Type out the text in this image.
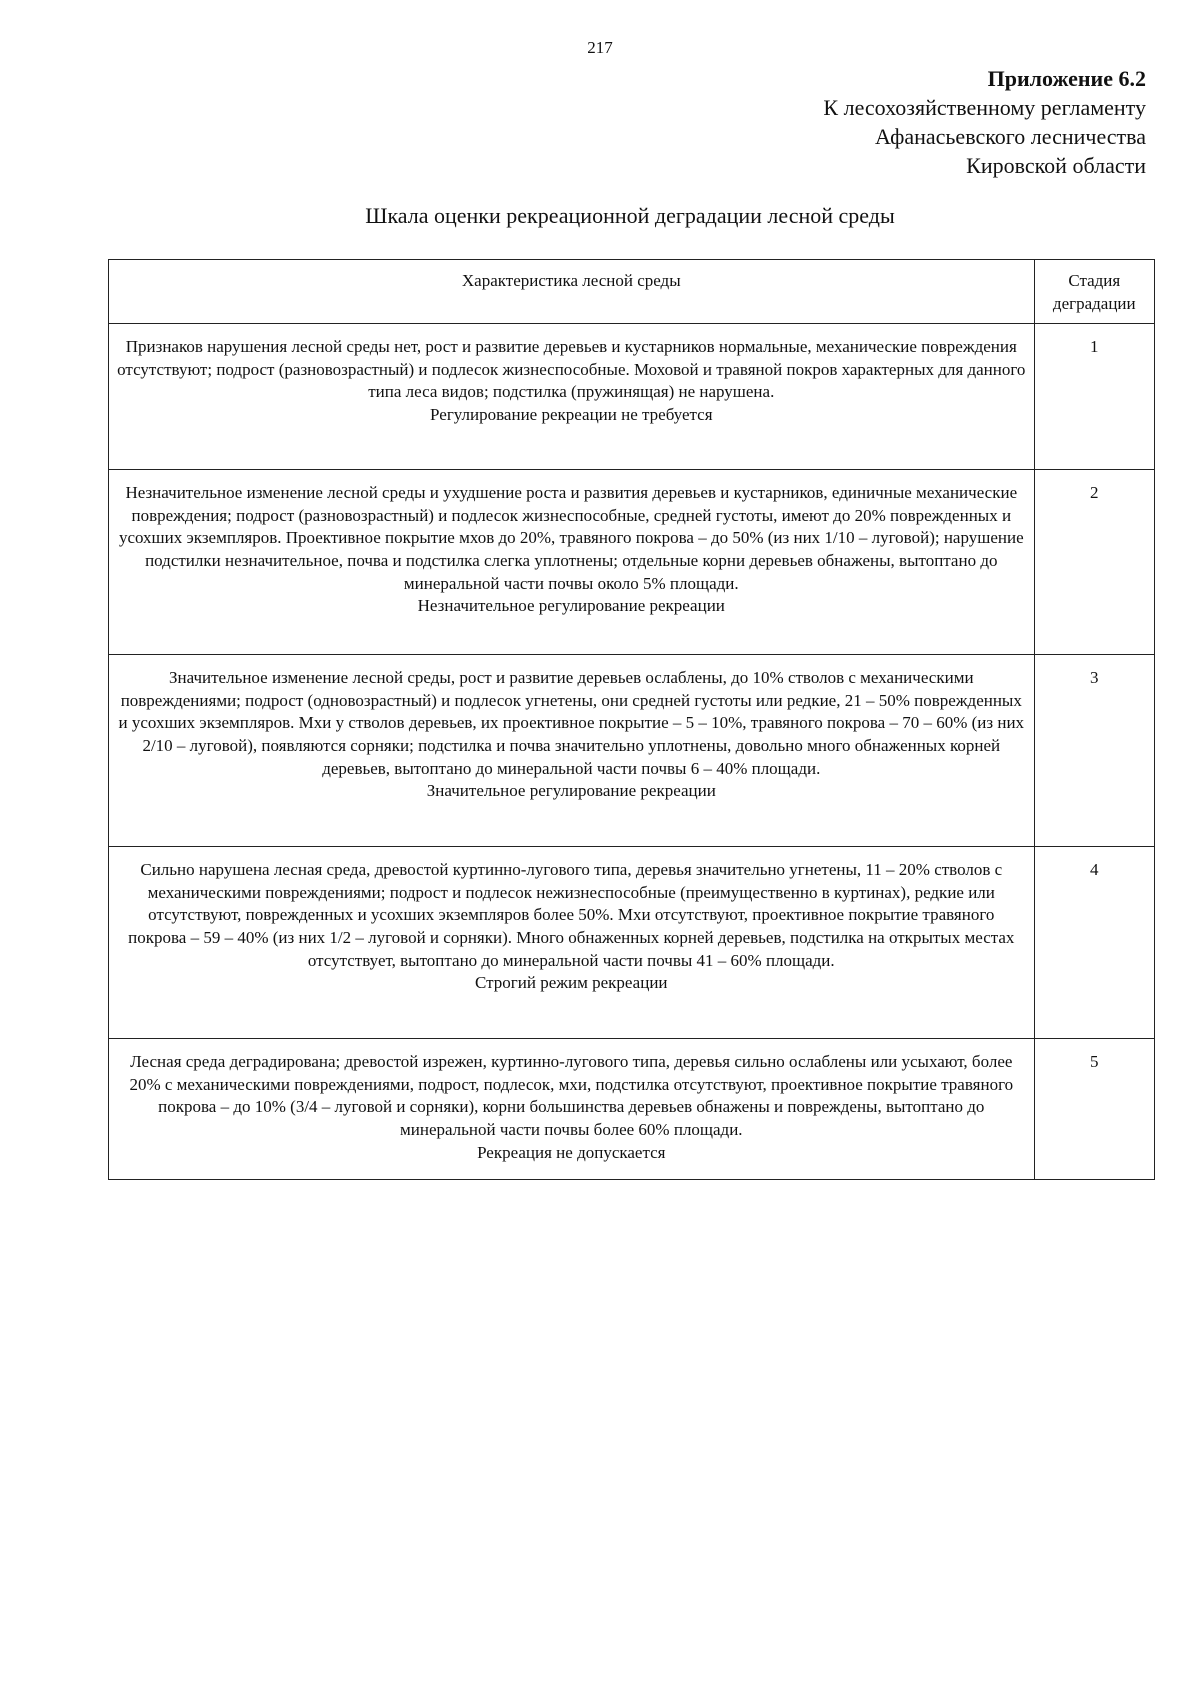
217
Приложение 6.2
К лесохозяйственному регламенту
Афанасьевского лесничества
Кировской области
Шкала оценки рекреационной деградации лесной среды
Характеристика лесной среды	Стадия
деградации

Признаков нарушения лесной среды нет, рост и развитие деревьев и кустарников нормальные, механические повреждения отсутствуют; подрост (разновозрастный) и подлесок жизнеспособные. Моховой и травяной покров характерных для данного типа леса видов; подстилка (пружинящая) не нарушена.
Регулирование рекреации не требуется	1

Незначительное изменение лесной среды и ухудшение роста и развития деревьев и кустарников, единичные механические повреждения; подрост (разновозрастный) и подлесок жизнеспособные, средней густоты, имеют до 20% поврежденных и усохших экземпляров. Проективное покрытие мхов до 20%, травяного покрова – до 50% (из них 1/10 – луговой); нарушение подстилки незначительное, почва и подстилка слегка уплотнены; отдельные корни деревьев обнажены, вытоптано до минеральной части почвы около 5% площади.
Незначительное регулирование рекреации	2

Значительное изменение лесной среды, рост и развитие деревьев ослаблены, до 10% стволов с механическими повреждениями; подрост (одновозрастный) и подлесок угнетены, они средней густоты или редкие, 21 – 50% поврежденных и усохших экземпляров. Мхи у стволов деревьев, их проективное покрытие – 5 – 10%, травяного покрова – 70 – 60% (из них 2/10 – луговой), появляются сорняки; подстилка и почва значительно уплотнены, довольно много обнаженных корней деревьев, вытоптано до минеральной части почвы 6 – 40% площади.
Значительное регулирование рекреации	3

Сильно нарушена лесная среда, древостой куртинно-лугового типа, деревья значительно угнетены, 11 – 20% стволов с механическими повреждениями; подрост и подлесок нежизнеспособные (преимущественно в куртинах), редкие или отсутствуют, поврежденных и усохших экземпляров более 50%. Мхи отсутствуют, проективное покрытие травяного покрова – 59 – 40% (из них 1/2 – луговой и сорняки). Много обнаженных корней деревьев, подстилка на открытых местах отсутствует, вытоптано до минеральной части почвы 41 – 60% площади.
Строгий режим рекреации	4

Лесная среда деградирована; древостой изрежен, куртинно-лугового типа, деревья сильно ослаблены или усыхают, более 20% с механическими повреждениями, подрост, подлесок, мхи, подстилка отсутствуют, проективное покрытие травяного покрова – до 10% (3/4 – луговой и сорняки), корни большинства деревьев обнажены и повреждены, вытоптано до минеральной части почвы более 60% площади.
Рекреация не допускается	5
